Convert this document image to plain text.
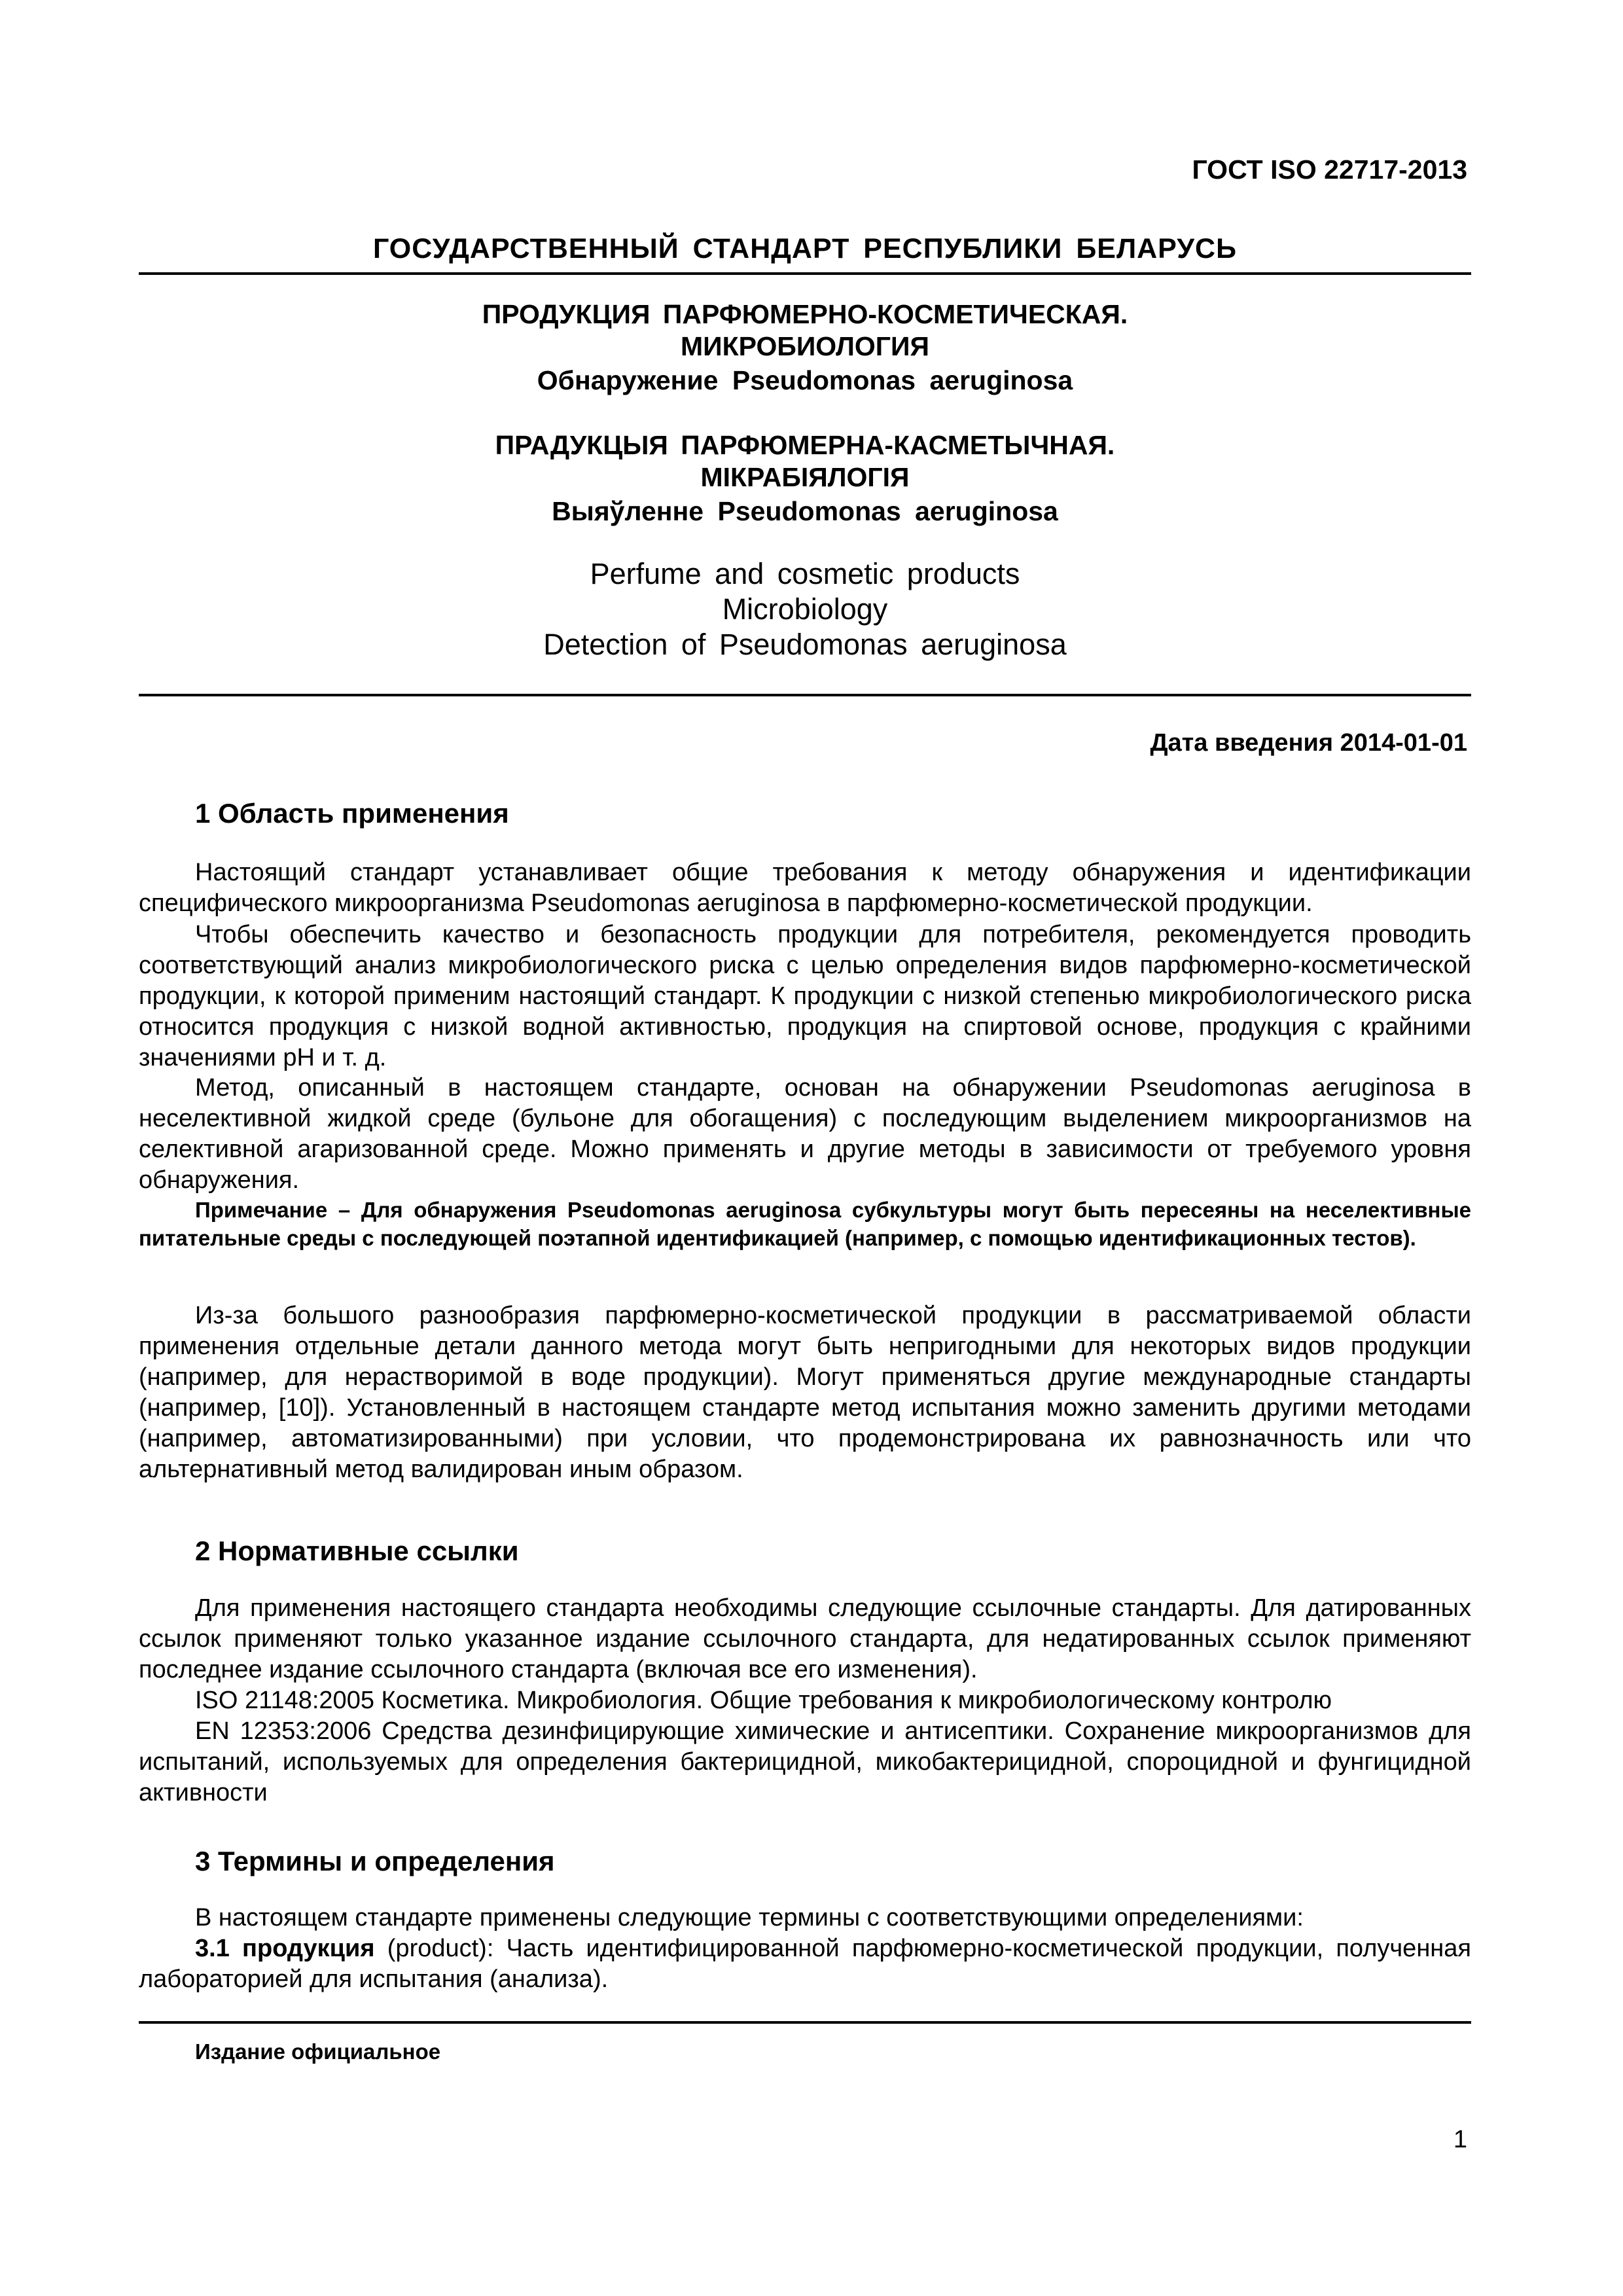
ГОСТ ISO 22717-2013
ГОСУДАРСТВЕННЫЙ СТАНДАРТ РЕСПУБЛИКИ БЕЛАРУСЬ
ПРОДУКЦИЯ ПАРФЮМЕРНО-КОСМЕТИЧЕСКАЯ.
МИКРОБИОЛОГИЯ
Обнаружение Pseudomonas aeruginosa
ПРАДУКЦЫЯ ПАРФЮМЕРНА-КАСМЕТЫЧНАЯ.
МІКРАБІЯЛОГІЯ
Выяўленне Pseudomonas aeruginosa
Perfume and cosmetic products
Microbiology
Detection of Pseudomonas aeruginosa
Дата введения 2014-01-01
1 Область применения

Настоящий стандарт устанавливает общие требования к методу обнаружения и идентификации специфического микроорганизма Pseudomonas aeruginosa в парфюмерно-косметической продукции.

Чтобы обеспечить качество и безопасность продукции для потребителя, рекомендуется проводить соответствующий анализ микробиологического риска с целью определения видов парфюмерно-косметической продукции, к которой применим настоящий стандарт. К продукции с низкой степенью микробиологического риска относится продукция с низкой водной активностью, продукция на спиртовой основе, продукция с крайними значениями pH и т. д.

Метод, описанный в настоящем стандарте, основан на обнаружении Pseudomonas aeruginosa в неселективной жидкой среде (бульоне для обогащения) с последующим выделением микроорганизмов на селективной агаризованной среде. Можно применять и другие методы в зависимости от требуемого уровня обнаружения.

Примечание – Для обнаружения Pseudomonas aeruginosa субкультуры могут быть пересеяны на неселективные питательные среды с последующей поэтапной идентификацией (например, с помощью идентификационных тестов).

Из-за большого разнообразия парфюмерно-косметической продукции в рассматриваемой области применения отдельные детали данного метода могут быть непригодными для некоторых видов продукции (например, для нерастворимой в воде продукции). Могут применяться другие международные стандарты (например, [10]). Установленный в настоящем стандарте метод испытания можно заменить другими методами (например, автоматизированными) при условии, что продемонстрирована их равнозначность или что альтернативный метод валидирован иным образом.

2 Нормативные ссылки

Для применения настоящего стандарта необходимы следующие ссылочные стандарты. Для датированных ссылок применяют только указанное издание ссылочного стандарта, для недатированных ссылок применяют последнее издание ссылочного стандарта (включая все его изменения).

ISO 21148:2005 Косметика. Микробиология. Общие требования к микробиологическому контролю

EN 12353:2006 Средства дезинфицирующие химические и антисептики. Сохранение микроорганизмов для испытаний, используемых для определения бактерицидной, микобактерицидной, спороцидной и фунгицидной активности

3 Термины и определения

В настоящем стандарте применены следующие термины с соответствующими определениями:

3.1 продукция (product): Часть идентифицированной парфюмерно-косметической продукции, полученная лабораторией для испытания (анализа).

Издание официальное
1
